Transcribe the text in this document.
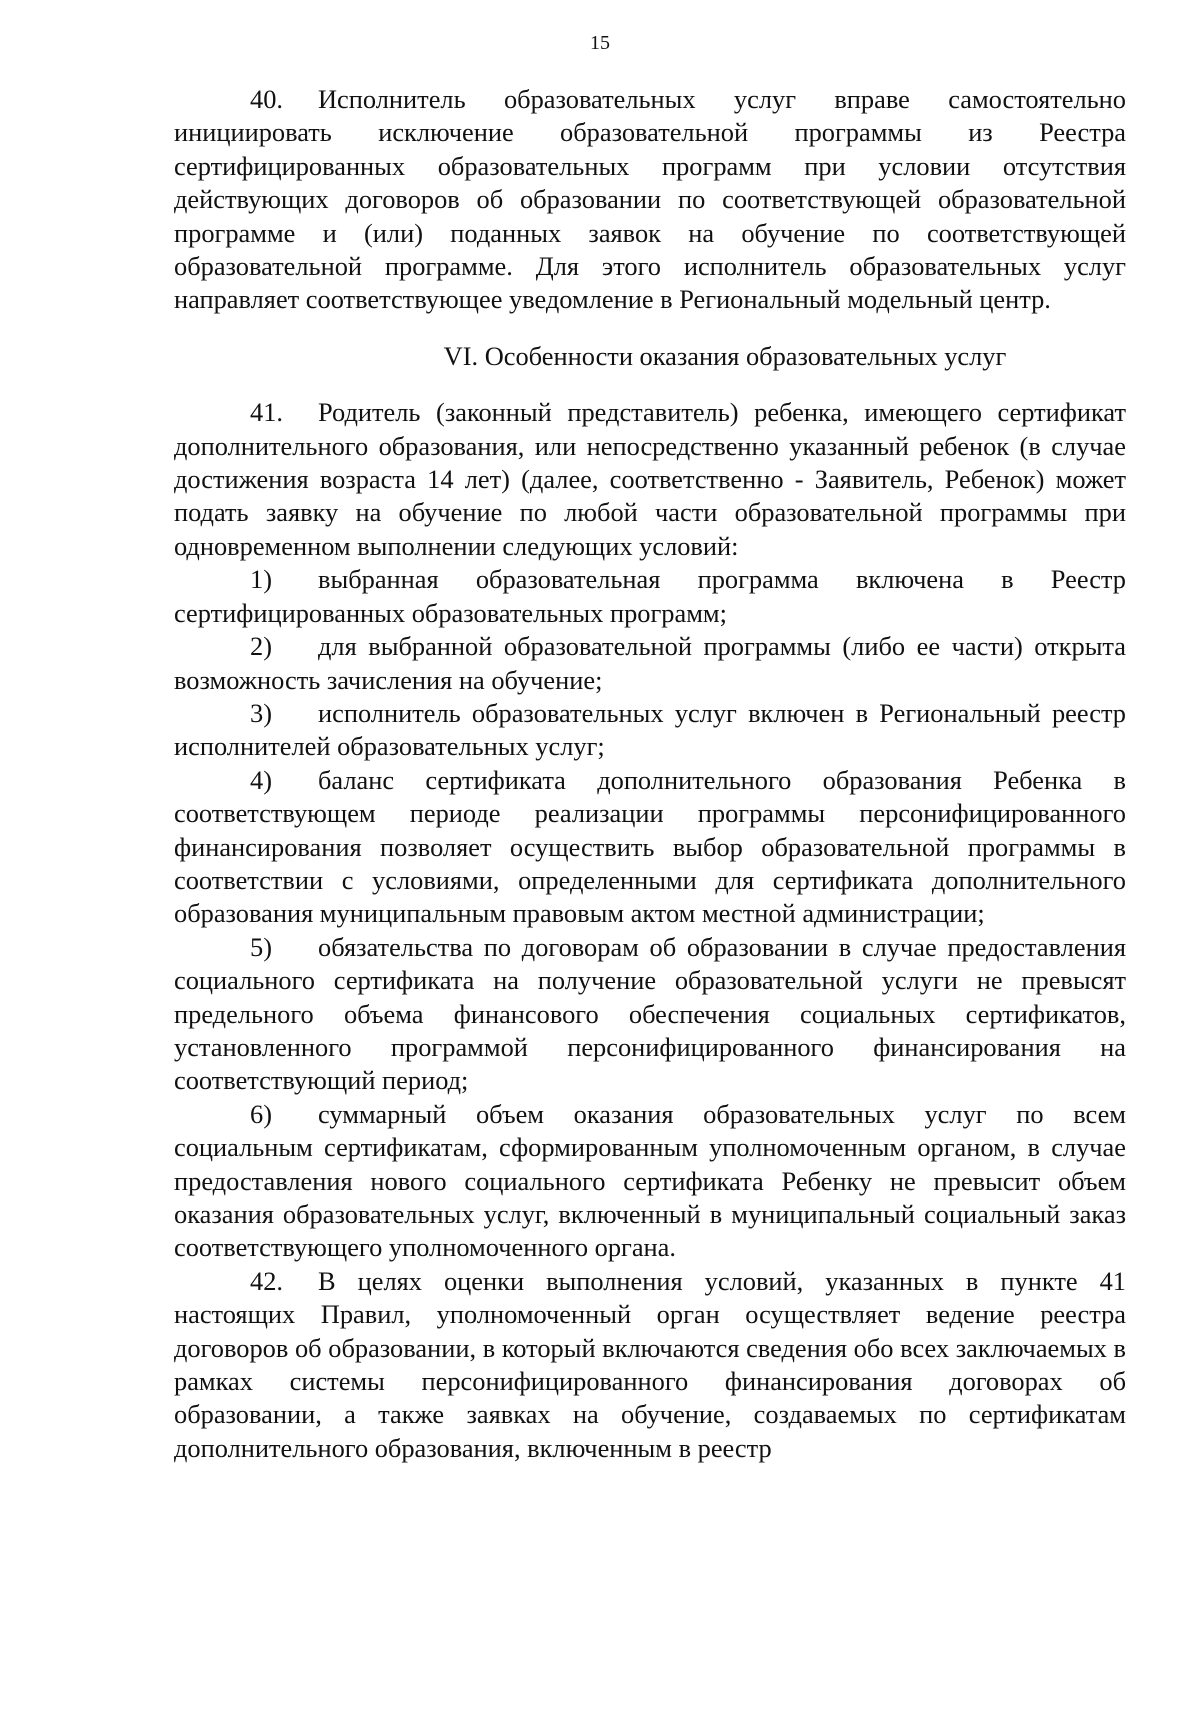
15

40. Исполнитель образовательных услуг вправе самостоятельно инициировать исключение образовательной программы из Реестра сертифицированных образовательных программ при условии отсутствия действующих договоров об образовании по соответствующей образовательной программе и (или) поданных заявок на обучение по соответствующей образовательной программе. Для этого исполнитель образовательных услуг направляет соответствующее уведомление в Региональный модельный центр.

VI. Особенности оказания образовательных услуг

41. Родитель (законный представитель) ребенка, имеющего сертификат дополнительного образования, или непосредственно указанный ребенок (в случае достижения возраста 14 лет) (далее, соответственно - Заявитель, Ребенок) может подать заявку на обучение по любой части образовательной программы при одновременном выполнении следующих условий:

1) выбранная образовательная программа включена в Реестр сертифицированных образовательных программ;

2) для выбранной образовательной программы (либо ее части) открыта возможность зачисления на обучение;

3) исполнитель образовательных услуг включен в Региональный реестр исполнителей образовательных услуг;

4) баланс сертификата дополнительного образования Ребенка в соответствующем периоде реализации программы персонифицированного финансирования позволяет осуществить выбор образовательной программы в соответствии с условиями, определенными для сертификата дополнительного образования муниципальным правовым актом местной администрации;

5) обязательства по договорам об образовании в случае предоставления социального сертификата на получение образовательной услуги не превысят предельного объема финансового обеспечения социальных сертификатов, установленного программой персонифицированного финансирования на соответствующий период;

6) суммарный объем оказания образовательных услуг по всем социальным сертификатам, сформированным уполномоченным органом, в случае предоставления нового социального сертификата Ребенку не превысит объем оказания образовательных услуг, включенный в муниципальный социальный заказ соответствующего уполномоченного органа.

42. В целях оценки выполнения условий, указанных в пункте 41 настоящих Правил, уполномоченный орган осуществляет ведение реестра договоров об образовании, в который включаются сведения обо всех заключаемых в рамках системы персонифицированного финансирования договорах об образовании, а также заявках на обучение, создаваемых по сертификатам дополнительного образования, включенным в реестр
